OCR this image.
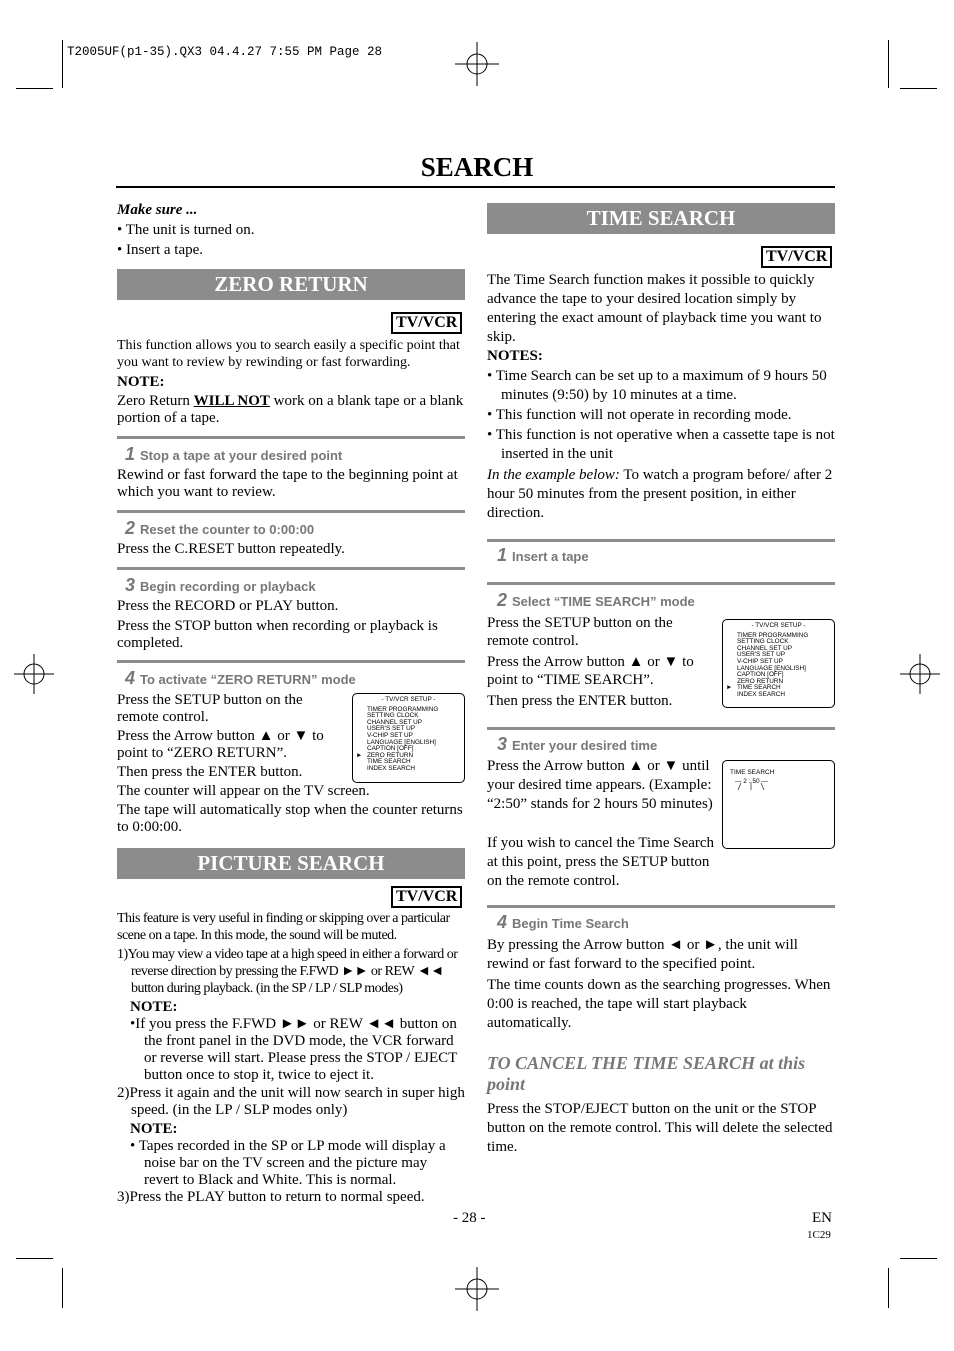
T2005UF(p1-35).QX3 04.4.27 7:55 PM Page 28
SEARCH
Make sure ...
• The unit is turned on.
• Insert a tape.
ZERO RETURN
TV/VCR
This function allows you to search easily a specific point that you want to review by rewinding or fast forwarding.
NOTE:
Zero Return WILL NOT work on a blank tape or a blank portion of a tape.
1 Stop a tape at your desired point
Rewind or fast forward the tape to the beginning point at which you want to review.
2 Reset the counter to 0:00:00
Press the C.RESET button repeatedly.
3 Begin recording or playback
Press the RECORD or PLAY button.
Press the STOP button when recording or playback is completed.
4 To activate “ZERO RETURN” mode
Press the SETUP button on the remote control.
Press the Arrow button ▲ or ▼ to point to “ZERO RETURN”.
Then press the ENTER button.
The counter will appear on the TV screen.
The tape will automatically stop when the counter returns to 0:00:00.
- TV/VCR SETUP -
TIMER PROGRAMMING
SETTING CLOCK
CHANNEL SET UP
USER'S SET UP
V-CHIP SET UP
LANGUAGE [ENGLISH]
CAPTION [OFF]
► ZERO RETURN
TIME SEARCH
INDEX SEARCH
PICTURE SEARCH
TV/VCR
This feature is very useful in finding or skipping over a particular scene on a tape. In this mode, the sound will be muted.
1)You may view a video tape at a high speed in either a forward or reverse direction by pressing the F.FWD ►► or REW ◄◄ button during playback. (in the SP / LP / SLP modes)
NOTE:
•If you press the F.FWD ►► or REW ◄◄ button on the front panel in the DVD mode, the VCR forward or reverse will start. Please press the STOP / EJECT button once to stop it, twice to eject it.
2)Press it again and the unit will now search in super high speed. (in the LP / SLP modes only)
NOTE:
• Tapes recorded in the SP or LP mode will display a noise bar on the TV screen and the picture may revert to Black and White. This is normal.
3)Press the PLAY button to return to normal speed.
TIME SEARCH
TV/VCR
The Time Search function makes it possible to quickly advance the tape to your desired location simply by entering the exact amount of playback time you want to skip.
NOTES:
• Time Search can be set up to a maximum of 9 hours 50 minutes (9:50) by 10 minutes at a time.
• This function will not operate in recording mode.
• This function is not operative when a cassette tape is not inserted in the unit
In the example below: To watch a program before/ after 2 hour 50 minutes from the present position, in either direction.
1 Insert a tape
2 Select “TIME SEARCH” mode
Press the SETUP button on the remote control.
Press the Arrow button ▲ or ▼ to point to “TIME SEARCH”.
Then press the ENTER button.
- TV/VCR SETUP -
TIMER PROGRAMMING
SETTING CLOCK
CHANNEL SET UP
USER'S SET UP
V-CHIP SET UP
LANGUAGE [ENGLISH]
CAPTION [OFF]
ZERO RETURN
► TIME SEARCH
INDEX SEARCH
3 Enter your desired time
Press the Arrow button ▲ or ▼ until your desired time appears. (Example: “2:50” stands for 2 hours 50 minutes)
If you wish to cancel the Time Search at this point, press the SETUP button on the remote control.
TIME SEARCH
— 2 : 50 —
4 Begin Time Search
By pressing the Arrow button ◄ or ►, the unit will rewind or fast forward to the specified point.
The time counts down as the searching progresses. When 0:00 is reached, the tape will start playback automatically.
TO CANCEL THE TIME SEARCH at this point
Press the STOP/EJECT button on the unit or the STOP button on the remote control. This will delete the selected time.
- 28 -	EN
1C29
